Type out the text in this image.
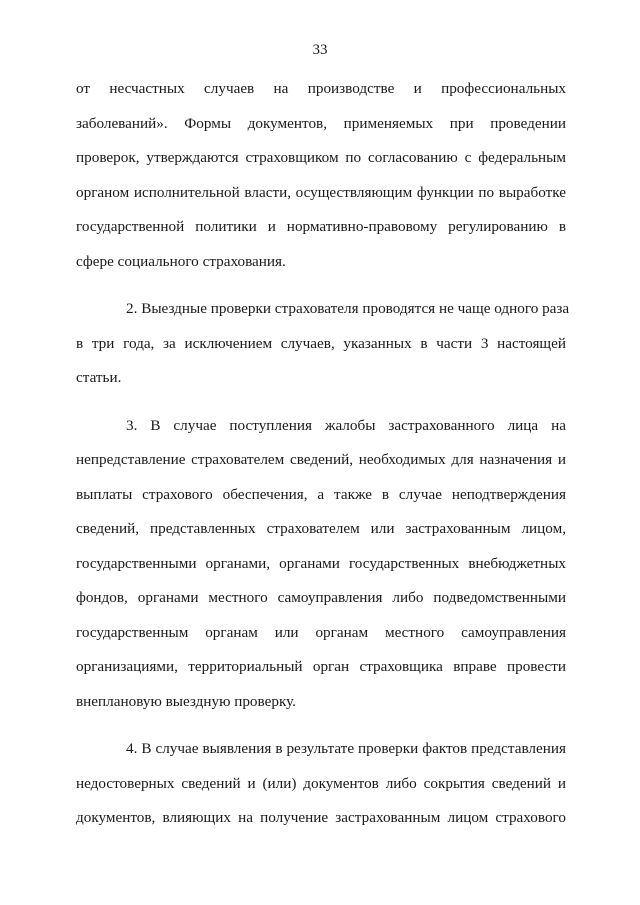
33
от несчастных случаев на производстве и профессиональных
заболеваний». Формы документов, применяемых при проведении
проверок, утверждаются страховщиком по согласованию с федеральным
органом исполнительной власти, осуществляющим функции по выработке
государственной политики и нормативно-правовому регулированию в
сфере социального страхования.
2. Выездные проверки страхователя проводятся не чаще одного раза
в три года, за исключением случаев, указанных в части 3 настоящей
статьи.
3. В случае поступления жалобы застрахованного лица на
непредставление страхователем сведений, необходимых для назначения и
выплаты страхового обеспечения, а также в случае неподтверждения
сведений, представленных страхователем или застрахованным лицом,
государственными органами, органами государственных внебюджетных
фондов, органами местного самоуправления либо подведомственными
государственным органам или органам местного самоуправления
организациями, территориальный орган страховщика вправе провести
внеплановую выездную проверку.
4. В случае выявления в результате проверки фактов представления
недостоверных сведений и (или) документов либо сокрытия сведений и
документов, влияющих на получение застрахованным лицом страхового
